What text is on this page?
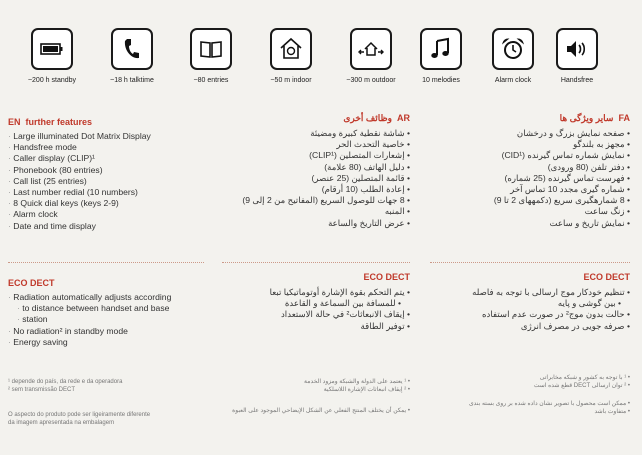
~200 h standby	~18 h talktime	~80 entries	~50 m indoor	~300 m outdoor	10 melodies	Alarm clock	Handsfree
EN further features
· Large illuminated Dot Matrix Display
· Handsfree mode
· Caller display (CLIP)¹
· Phonebook (80 entries)
· Call list (25 entries)
· Last number redial (10 numbers)
· 8 Quick dial keys (keys 2-9)
· Alarm clock
· Date and time display
ECO DECT
· Radiation automatically adjusts according
· to distance between handset and base
· station
· No radiation² in standby mode
· Energy saving
¹ depende do país, da rede e da operadora
² sem transmissão DECT
O aspecto do produto pode ser ligeiramente diferente
da imagem apresentada na embalagem
AR  وظائف أخرى
• شاشة نقطية كبيرة ومضيئة
• خاصية التحدث الحر
• إشعارات المتصلين (CLIP¹)
• دليل الهاتف (80 علامة)
• قائمة المتصلين (25 عنصر)
• إعادة الطلب (10 أرقام)
• 8 جهات للوصول السريع (المفاتيح من 2 إلى 9)
• المنبه
• عرض التاريخ والساعة
ECO DECT
• يتم التحكم بقوة الإشارة أوتوماتيكيا تبعا
• للمسافة بين السماعة و القاعدة
• إيقاف الانبعاثات² في حالة الاستعداد
• توفير الطاقة
• ¹ يعتمد على الدولة والشبكة ومزود الخدمة
• ² إيقاف انبعاثات الإشارة اللاسلكية
• يمكن أن يختلف المنتج الفعلي عن الشكل الإيضاحي الموجود على العبوة
FA  سایر ویژگی ها
• صفحه نمایش بزرگ و درخشان
• مجهز به بلندگو
• نمایش شماره تماس گیرنده (CID¹)
• دفتر تلفن (80 ورودی)
• فهرست تماس گیرنده (25 شماره)
• شماره گیری مجدد 10 تماس آخر
• 8 شمارهگیری سریع (دکمههای 2 تا 9)
• زنگ ساعت
• نمایش تاریخ و ساعت
ECO DECT
• تنظیم خودکار موج ارسالی با توجه به فاصله
• بین گوشی و پایه
• حالت بدون موج² در صورت عدم استفاده
• صرفه جویی در مصرف انرژی
• ¹ با توجه به کشور و شبکه مخابراتی
• ² توان ارسالی DECT قطع شده است
• ممکن است محصول با تصویر نشان داده شده بر روی بسته بندی
• متفاوت باشد
